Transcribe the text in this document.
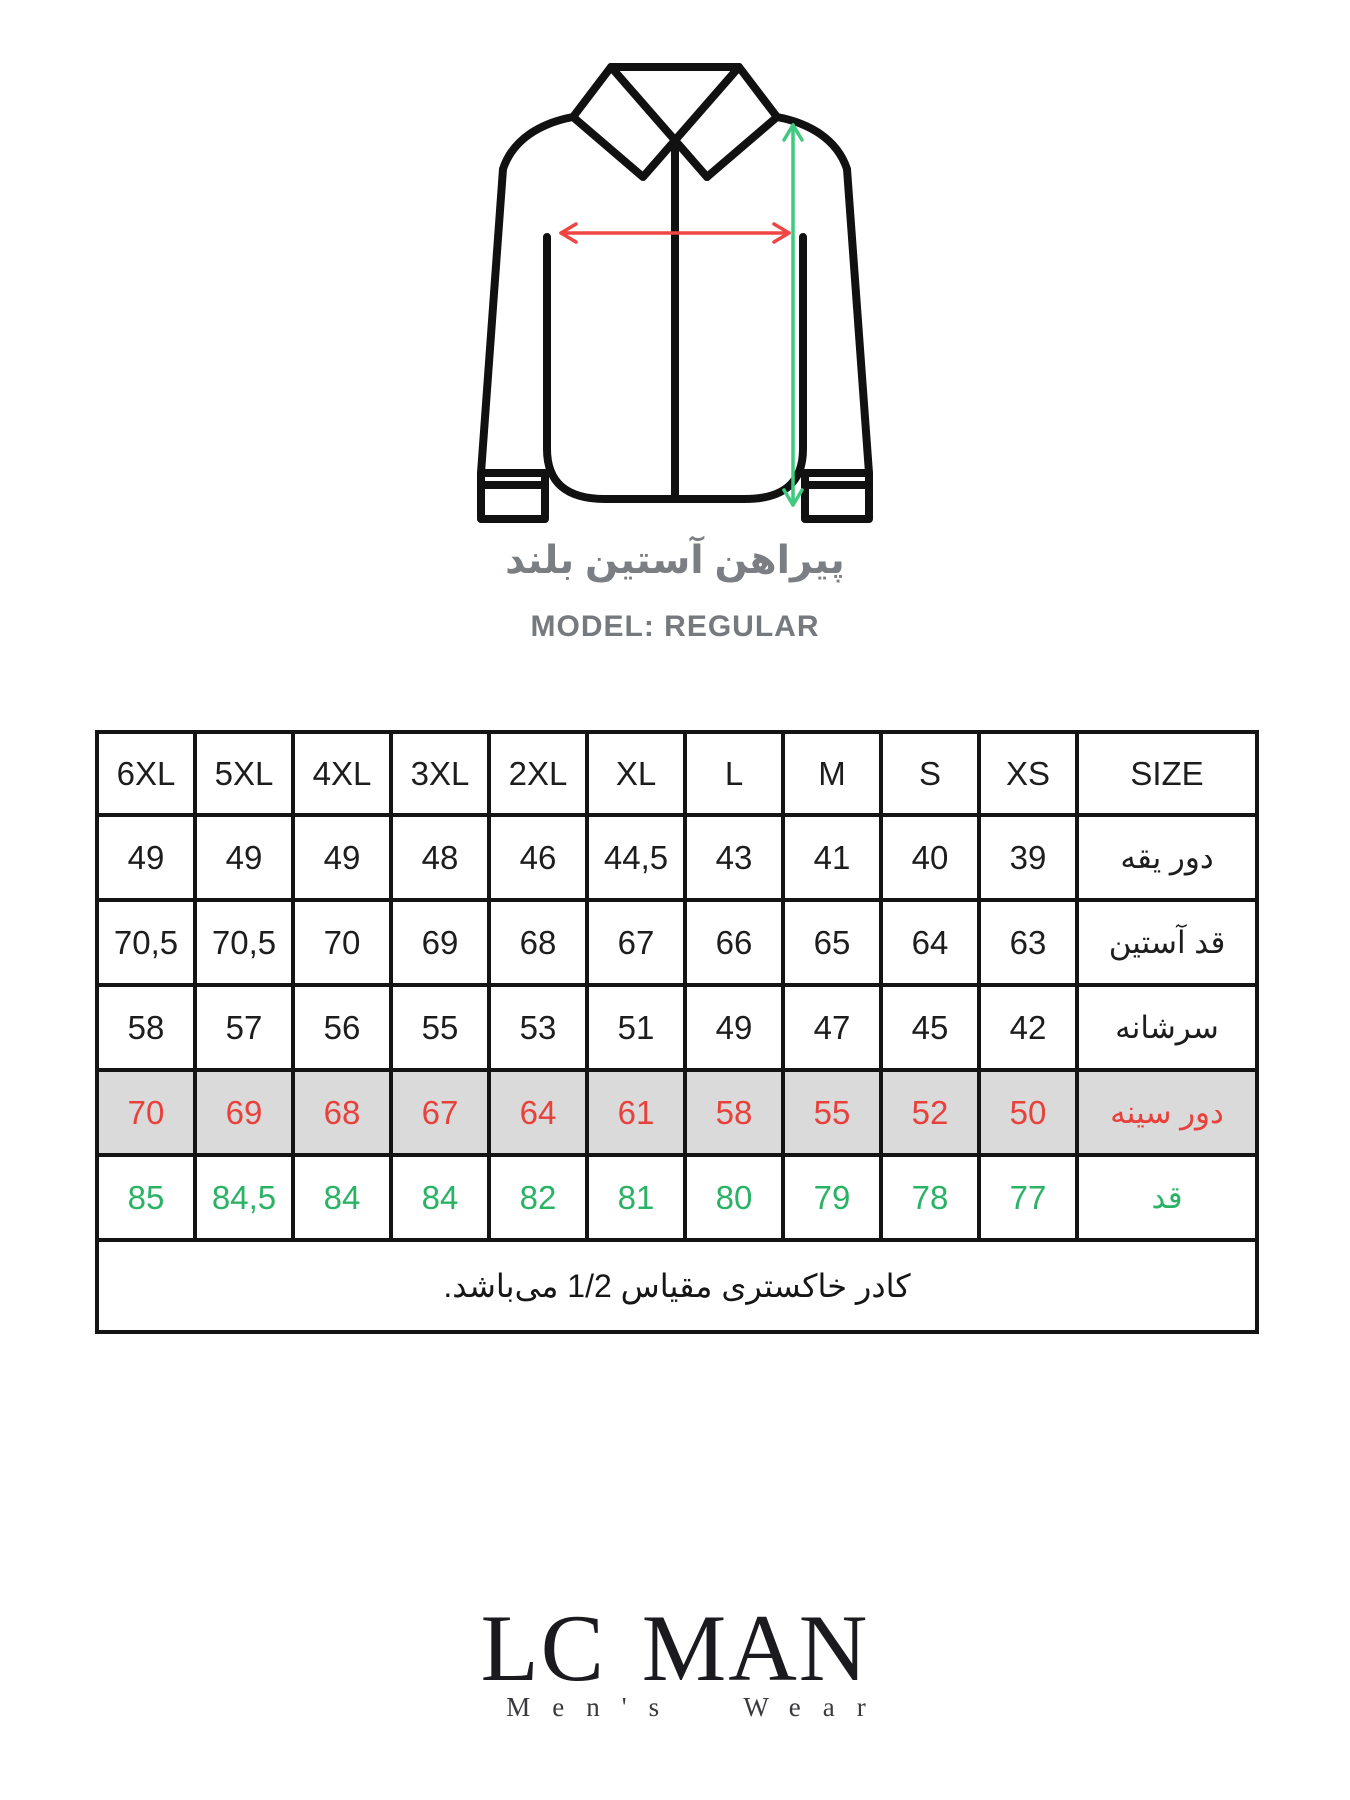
پیراهن آستین بلند
MODEL: REGULAR
6XL	5XL	4XL	3XL	2XL	XL	L	M	S	XS	SIZE
49	49	49	48	46	44,5	43	41	40	39	دور یقه
70,5	70,5	70	69	68	67	66	65	64	63	قد آستین
58	57	56	55	53	51	49	47	45	42	سرشانه
70	69	68	67	64	61	58	55	52	50	دور سینه
85	84,5	84	84	82	81	80	79	78	77	قد
کادر خاکستری مقیاس 1/2 می‌باشد.										
LC MAN
Men's Wear
